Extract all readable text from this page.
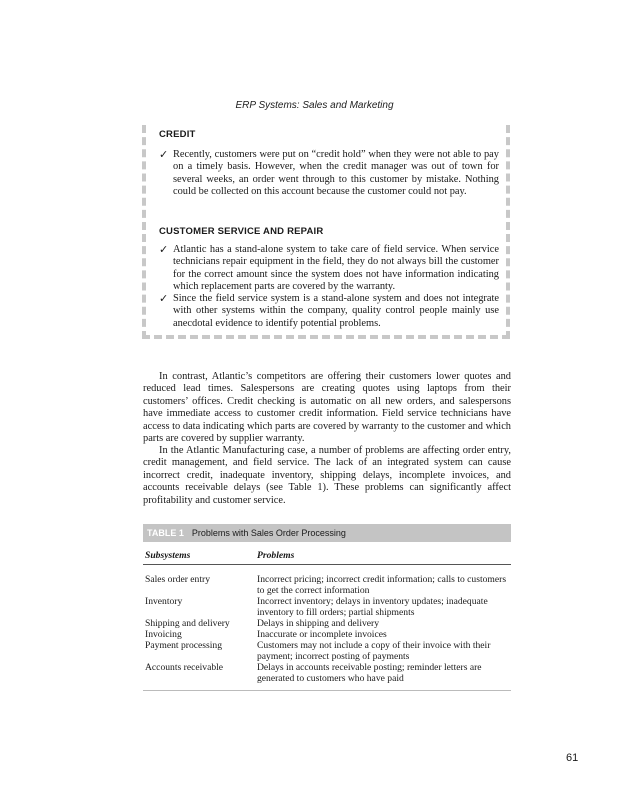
ERP Systems: Sales and Marketing
CREDIT
✓ Recently, customers were put on “credit hold” when they were not able to pay on a timely basis. However, when the credit manager was out of town for several weeks, an order went through to this customer by mistake. Nothing could be collected on this account because the customer could not pay.
CUSTOMER SERVICE AND REPAIR
✓ Atlantic has a stand-alone system to take care of field service. When service technicians repair equipment in the field, they do not always bill the customer for the correct amount since the system does not have information indicating which replacement parts are covered by the warranty.
✓ Since the field service system is a stand-alone system and does not integrate with other systems within the company, quality control people mainly use anecdotal evidence to identify potential problems.

In contrast, Atlantic’s competitors are offering their customers lower quotes and reduced lead times. Salespersons are creating quotes using laptops from their customers’ offices. Credit checking is automatic on all new orders, and salespersons have immediate access to customer credit information. Field service technicians have access to data indicating which parts are covered by warranty to the customer and which parts are covered by supplier warranty.

In the Atlantic Manufacturing case, a number of problems are affecting order entry, credit management, and field service. The lack of an integrated system can cause incorrect credit, inadequate inventory, shipping delays, incomplete invoices, and accounts receivable delays (see Table 1). These problems can significantly affect profitability and customer service.

TABLE 1 Problems with Sales Order Processing
Subsystems	Problems
Sales order entry	Incorrect pricing; incorrect credit information; calls to customers to get the correct information
Inventory	Incorrect inventory; delays in inventory updates; inadequate inventory to fill orders; partial shipments
Shipping and delivery	Delays in shipping and delivery
Invoicing	Inaccurate or incomplete invoices
Payment processing	Customers may not include a copy of their invoice with their payment; incorrect posting of payments
Accounts receivable	Delays in accounts receivable posting; reminder letters are generated to customers who have paid
61
